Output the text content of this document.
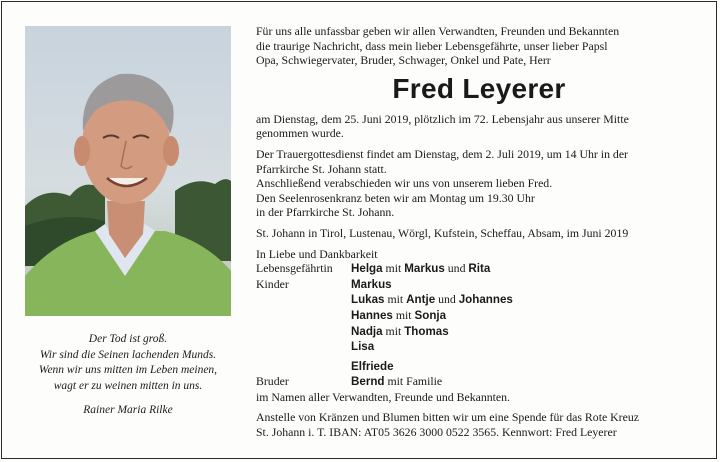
Der Tod ist groß.
Wir sind die Seinen lachenden Munds.
Wenn wir uns mitten im Leben meinen,
wagt er zu weinen mitten in uns.
Rainer Maria Rilke
Für uns alle unfassbar geben wir allen Verwandten, Freunden und Bekannten
die traurige Nachricht, dass mein lieber Lebensgefährte, unser lieber Papsl
Opa, Schwiegervater, Bruder, Schwager, Onkel und Pate, Herr
Fred Leyerer
am Dienstag, dem 25. Juni 2019, plötzlich im 72. Lebensjahr aus unserer Mitte
genommen wurde.
Der Trauergottesdienst findet am Dienstag, dem 2. Juli 2019, um 14 Uhr in der
Pfarrkirche St. Johann statt.
Anschließend verabschieden wir uns von unserem lieben Fred.
Den Seelenrosenkranz beten wir am Montag um 19.30 Uhr
in der Pfarrkirche St. Johann.
St. Johann in Tirol, Lustenau, Wörgl, Kufstein, Scheffau, Absam, im Juni 2019
In Liebe und Dankbarkeit
Lebensgefährtin	Helga mit Markus und Rita
Kinder	Markus
Lukas mit Antje und Johannes
Hannes mit Sonja
Nadja mit Thomas
Lisa
Elfriede
Bruder	Bernd mit Familie
im Namen aller Verwandten, Freunde und Bekannten.
Anstelle von Kränzen und Blumen bitten wir um eine Spende für das Rote Kreuz
St. Johann i. T. IBAN: AT05 3626 3000 0522 3565. Kennwort: Fred Leyerer
